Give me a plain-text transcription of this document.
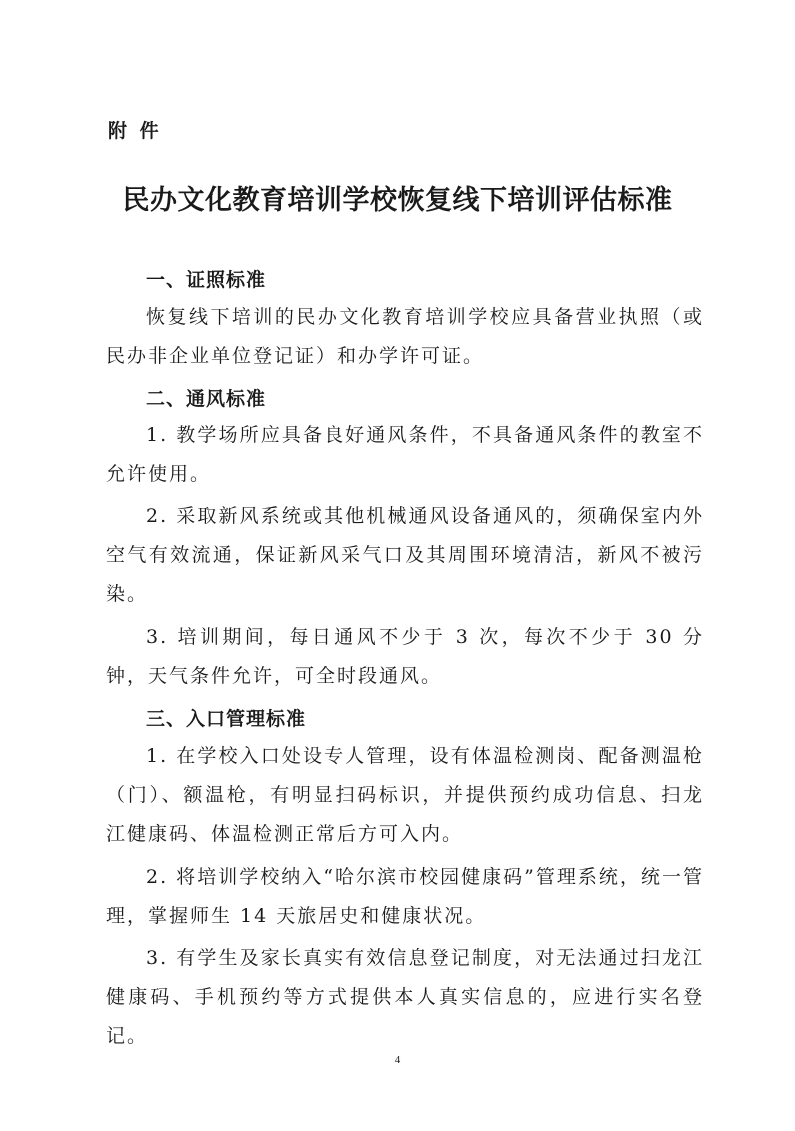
附 件
民办文化教育培训学校恢复线下培训评估标准
一、证照标准
恢复线下培训的民办文化教育培训学校应具备营业执照（或民办非企业单位登记证）和办学许可证。
二、通风标准
1. 教学场所应具备良好通风条件，不具备通风条件的教室不允许使用。
2. 采取新风系统或其他机械通风设备通风的，须确保室内外空气有效流通，保证新风采气口及其周围环境清洁，新风不被污染。
3. 培训期间，每日通风不少于 3 次，每次不少于 30 分钟，天气条件允许，可全时段通风。
三、入口管理标准
1. 在学校入口处设专人管理，设有体温检测岗、配备测温枪（门）、额温枪，有明显扫码标识，并提供预约成功信息、扫龙江健康码、体温检测正常后方可入内。
2. 将培训学校纳入“哈尔滨市校园健康码”管理系统，统一管理，掌握师生 14 天旅居史和健康状况。
3. 有学生及家长真实有效信息登记制度，对无法通过扫龙江健康码、手机预约等方式提供本人真实信息的，应进行实名登记。
4
